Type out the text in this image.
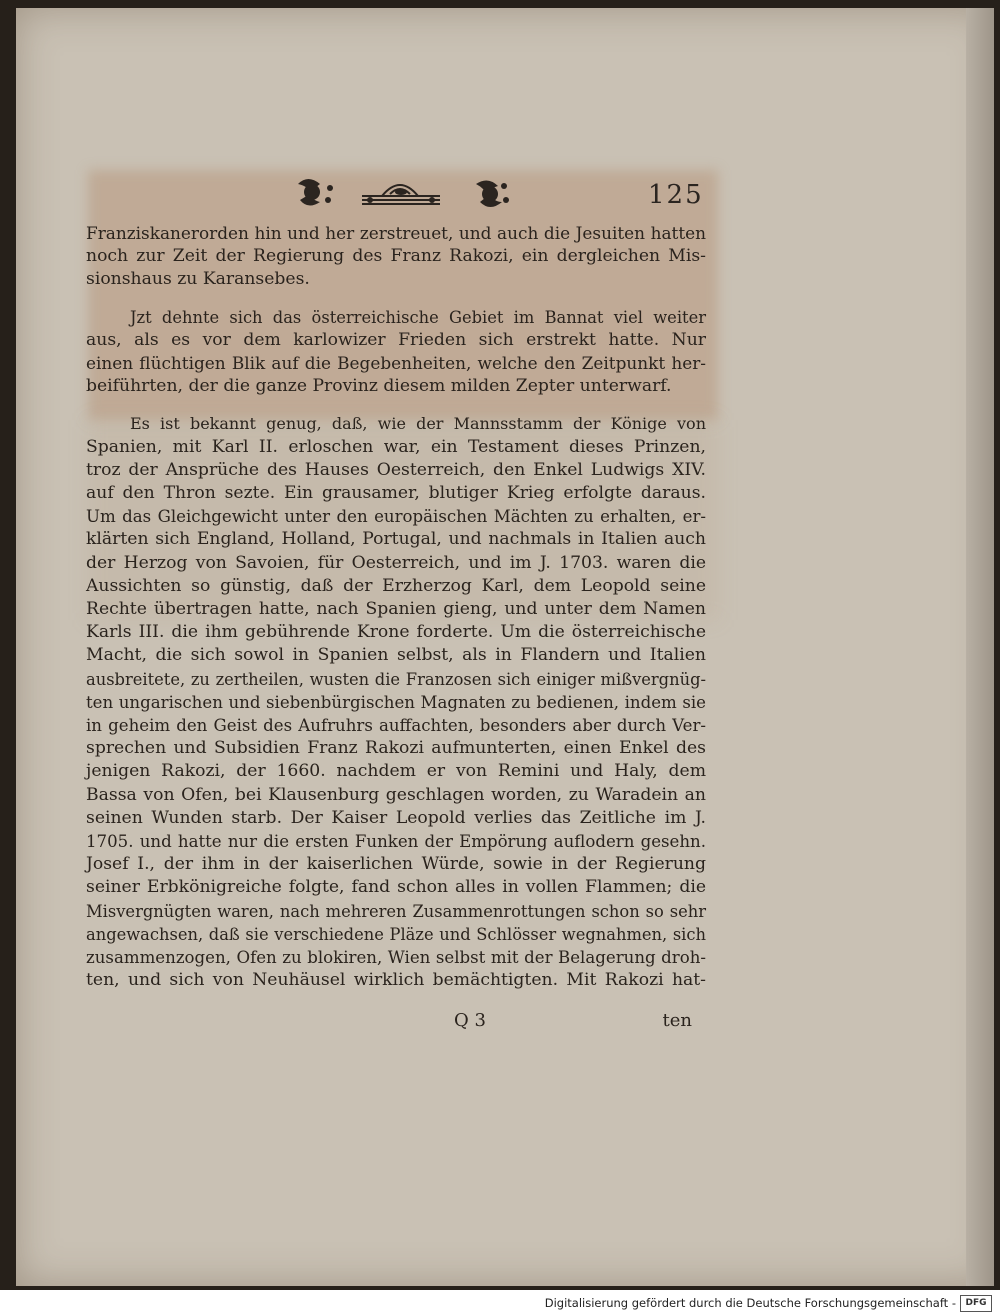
125

Franziskanerorden hin und her zerstreuet, und auch die Jesuiten hatten
noch zur Zeit der Regierung des Franz Rakozi, ein dergleichen Mis-
sionshaus zu Karansebes.

Jzt dehnte sich das österreichische Gebiet im Bannat viel weiter
aus, als es vor dem karlowizer Frieden sich erstrekt hatte. Nur
einen flüchtigen Blik auf die Begebenheiten, welche den Zeitpunkt her-
beiführten, der die ganze Provinz diesem milden Zepter unterwarf.

Es ist bekannt genug, daß, wie der Mannsstamm der Könige von
Spanien, mit Karl II. erloschen war, ein Testament dieses Prinzen,
troz der Ansprüche des Hauses Oesterreich, den Enkel Ludwigs XIV.
auf den Thron sezte. Ein grausamer, blutiger Krieg erfolgte daraus.
Um das Gleichgewicht unter den europäischen Mächten zu erhalten, er-
klärten sich England, Holland, Portugal, und nachmals in Italien auch
der Herzog von Savoien, für Oesterreich, und im J. 1703. waren die
Aussichten so günstig, daß der Erzherzog Karl, dem Leopold seine
Rechte übertragen hatte, nach Spanien gieng, und unter dem Namen
Karls III. die ihm gebührende Krone forderte. Um die österreichische
Macht, die sich sowol in Spanien selbst, als in Flandern und Italien
ausbreitete, zu zertheilen, wusten die Franzosen sich einiger mißvergnüg-
ten ungarischen und siebenbürgischen Magnaten zu bedienen, indem sie
in geheim den Geist des Aufruhrs auffachten, besonders aber durch Ver-
sprechen und Subsidien Franz Rakozi aufmunterten, einen Enkel des
jenigen Rakozi, der 1660. nachdem er von Remini und Haly, dem
Bassa von Ofen, bei Klausenburg geschlagen worden, zu Waradein an
seinen Wunden starb. Der Kaiser Leopold verlies das Zeitliche im J.
1705. und hatte nur die ersten Funken der Empörung auflodern gesehn.
Josef I., der ihm in der kaiserlichen Würde, sowie in der Regierung
seiner Erbkönigreiche folgte, fand schon alles in vollen Flammen; die
Misvergnügten waren, nach mehreren Zusammenrottungen schon so sehr
angewachsen, daß sie verschiedene Pläze und Schlösser wegnahmen, sich
zusammenzogen, Ofen zu blokiren, Wien selbst mit der Belagerung droh-
ten, und sich von Neuhäusel wirklich bemächtigten. Mit Rakozi hat-

Q 3	ten
Digitalisierung gefördert durch die Deutsche Forschungsgemeinschaft -	DFG
